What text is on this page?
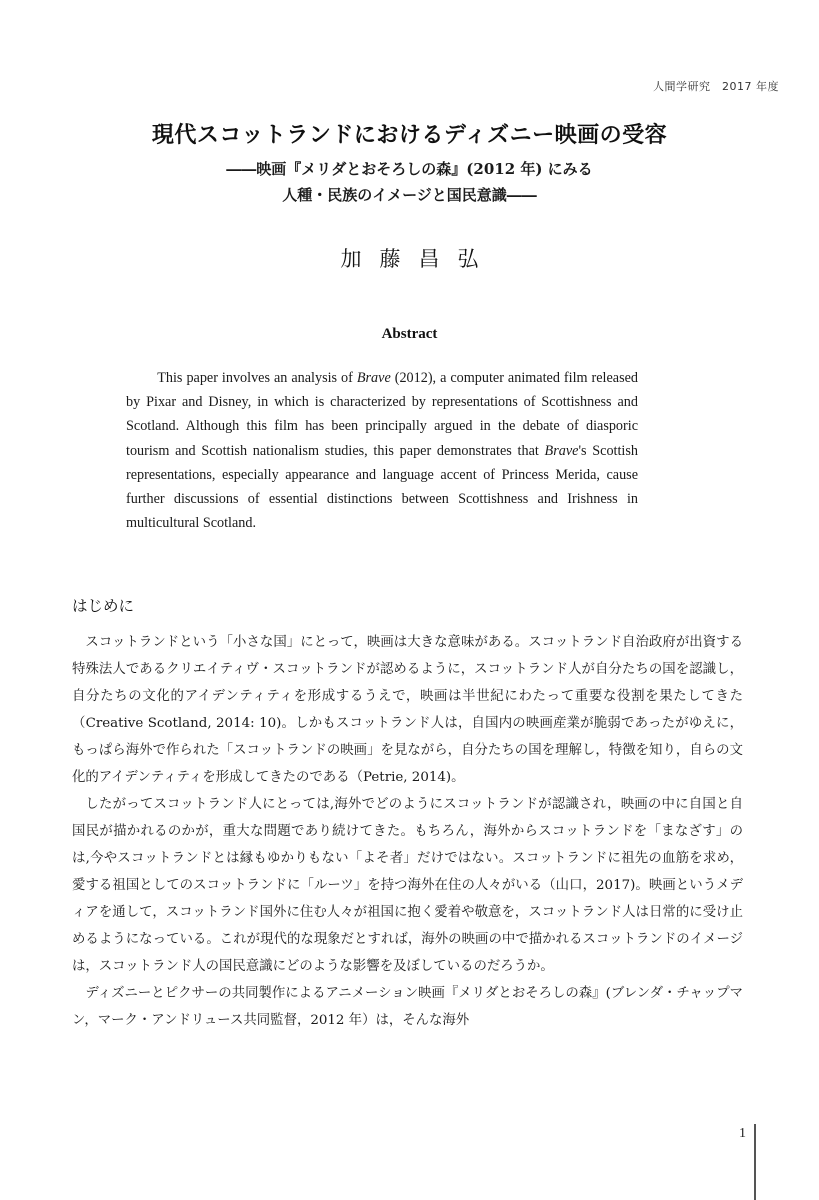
人間学研究　2017 年度
現代スコットランドにおけるディズニー映画の受容
――映画『メリダとおそろしの森』(2012 年) にみる
人種・民族のイメージと国民意識――
加藤昌弘
Abstract

This paper involves an analysis of Brave (2012), a computer animated film released by Pixar and Disney, in which is characterized by representations of Scottishness and Scotland. Although this film has been principally argued in the debate of diasporic tourism and Scottish nationalism studies, this paper demonstrates that Brave's Scottish representations, especially appearance and language accent of Princess Merida, cause further discussions of essential distinctions between Scottishness and Irishness in multicultural Scotland.

はじめに

スコットランドという「小さな国」にとって，映画は大きな意味がある。スコットランド自治政府が出資する特殊法人であるクリエイティヴ・スコットランドが認めるように，スコットランド人が自分たちの国を認識し，自分たちの文化的アイデンティティを形成するうえで，映画は半世紀にわたって重要な役割を果たしてきた（Creative Scotland, 2014: 10)。しかもスコットランド人は，自国内の映画産業が脆弱であったがゆえに，もっぱら海外で作られた「スコットランドの映画」を見ながら，自分たちの国を理解し，特徴を知り，自らの文化的アイデンティティを形成してきたのである（Petrie, 2014)。

したがってスコットランド人にとっては,海外でどのようにスコットランドが認識され，映画の中に自国と自国民が描かれるのかが，重大な問題であり続けてきた。もちろん，海外からスコットランドを「まなざす」のは,今やスコットランドとは縁もゆかりもない「よそ者」だけではない。スコットランドに祖先の血筋を求め，愛する祖国としてのスコットランドに「ルーツ」を持つ海外在住の人々がいる（山口，2017)。映画というメディアを通して，スコットランド国外に住む人々が祖国に抱く愛着や敬意を，スコットランド人は日常的に受け止めるようになっている。これが現代的な現象だとすれば，海外の映画の中で描かれるスコットランドのイメージは，スコットランド人の国民意識にどのような影響を及ぼしているのだろうか。

ディズニーとピクサーの共同製作によるアニメーション映画『メリダとおそろしの森』(ブレンダ・チャップマン，マーク・アンドリュース共同監督，2012 年）は，そんな海外

1
